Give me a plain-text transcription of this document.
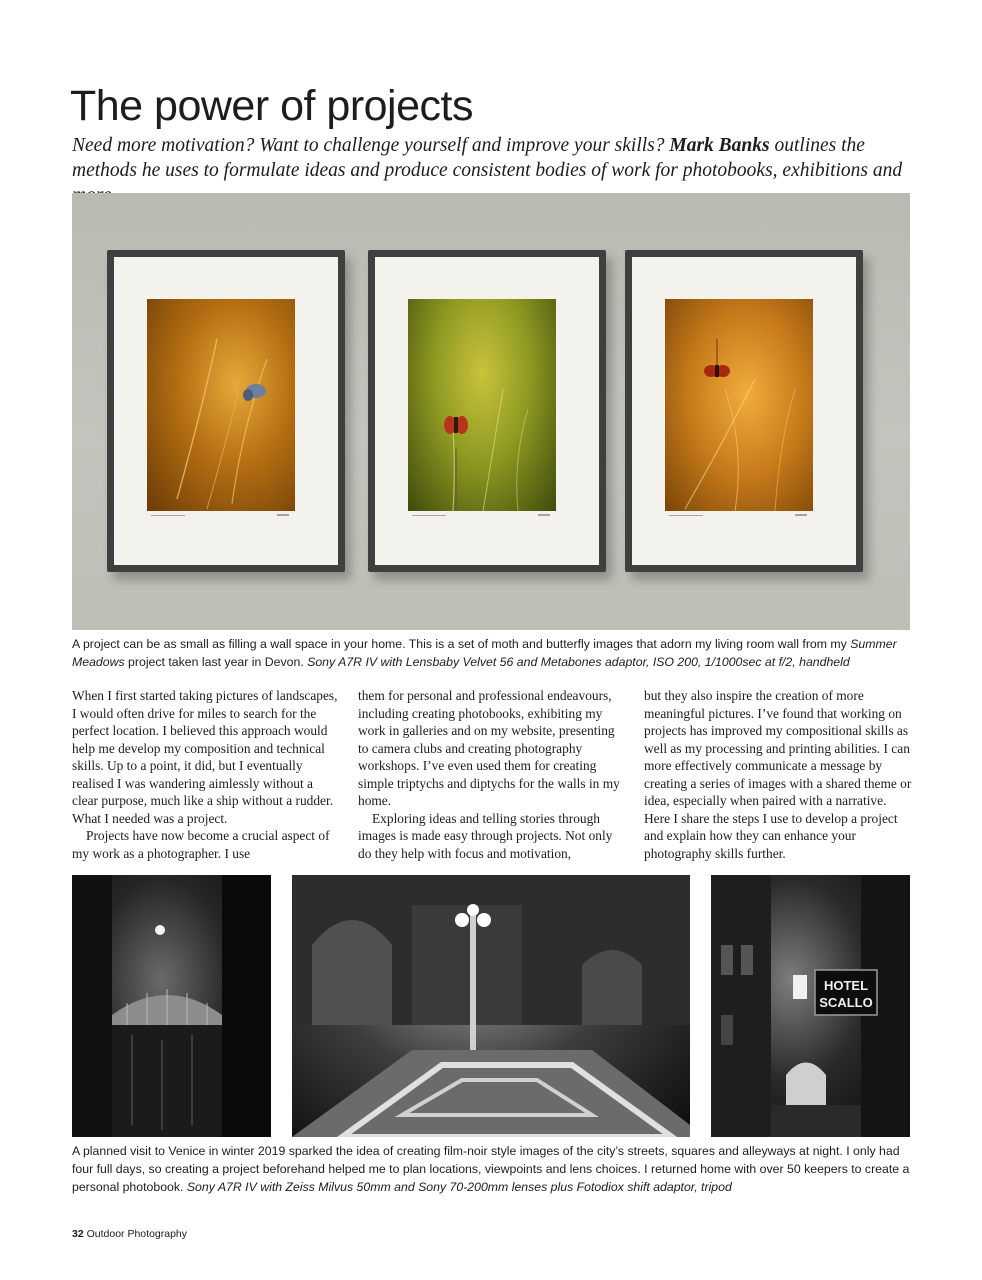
The power of projects

Need more motivation? Want to challenge yourself and improve your skills? Mark Banks outlines the methods he uses to formulate ideas and produce consistent bodies of work for photobooks, exhibitions and

A project can be as small as filling a wall space in your home. This is a set of moth and butterfly images that adorn my living room wall from my Summer Meadows project taken last year in Devon. Sony A7R IV with Lensbaby Velvet 56 and Metabones adaptor, ISO 200, 1/1000sec at f/2, handheld

When I first started taking pictures of landscapes, I would often drive for miles to search for the perfect location. I believed this approach would help me develop my composition and technical skills. Up to a point, it did, but I eventually realised I was wandering aimlessly without a clear purpose, much like a ship without a rudder. What I needed was a project.

Projects have now become a crucial aspect of my work as a photographer. I use

them for personal and professional endeavours, including creating photobooks, exhibiting my work in galleries and on my website, presenting to camera clubs and creating photography workshops. I’ve even used them for creating simple triptychs and diptychs for the walls in my home.

Exploring ideas and telling stories through images is made easy through projects. Not only do they help with focus and motivation,

but they also inspire the creation of more meaningful pictures. I’ve found that working on projects has improved my compositional skills as well as my processing and printing abilities. I can more effectively communicate a message by creating a series of images with a shared theme or idea, especially when paired with a narrative. Here I share the steps I use to develop a project and explain how they can enhance your photography skills further.

HOTEL
SCALLO
A planned visit to Venice in winter 2019 sparked the idea of creating film-noir style images of the city’s streets, squares and alleyways at night. I only had four full days, so creating a project beforehand helped me to plan locations, viewpoints and lens choices. I returned home with over 50 keepers to create a personal photobook. Sony A7R IV with Zeiss Milvus 50mm and Sony 70-200mm lenses plus Fotodiox shift adaptor, tripod
32 Outdoor Photography
